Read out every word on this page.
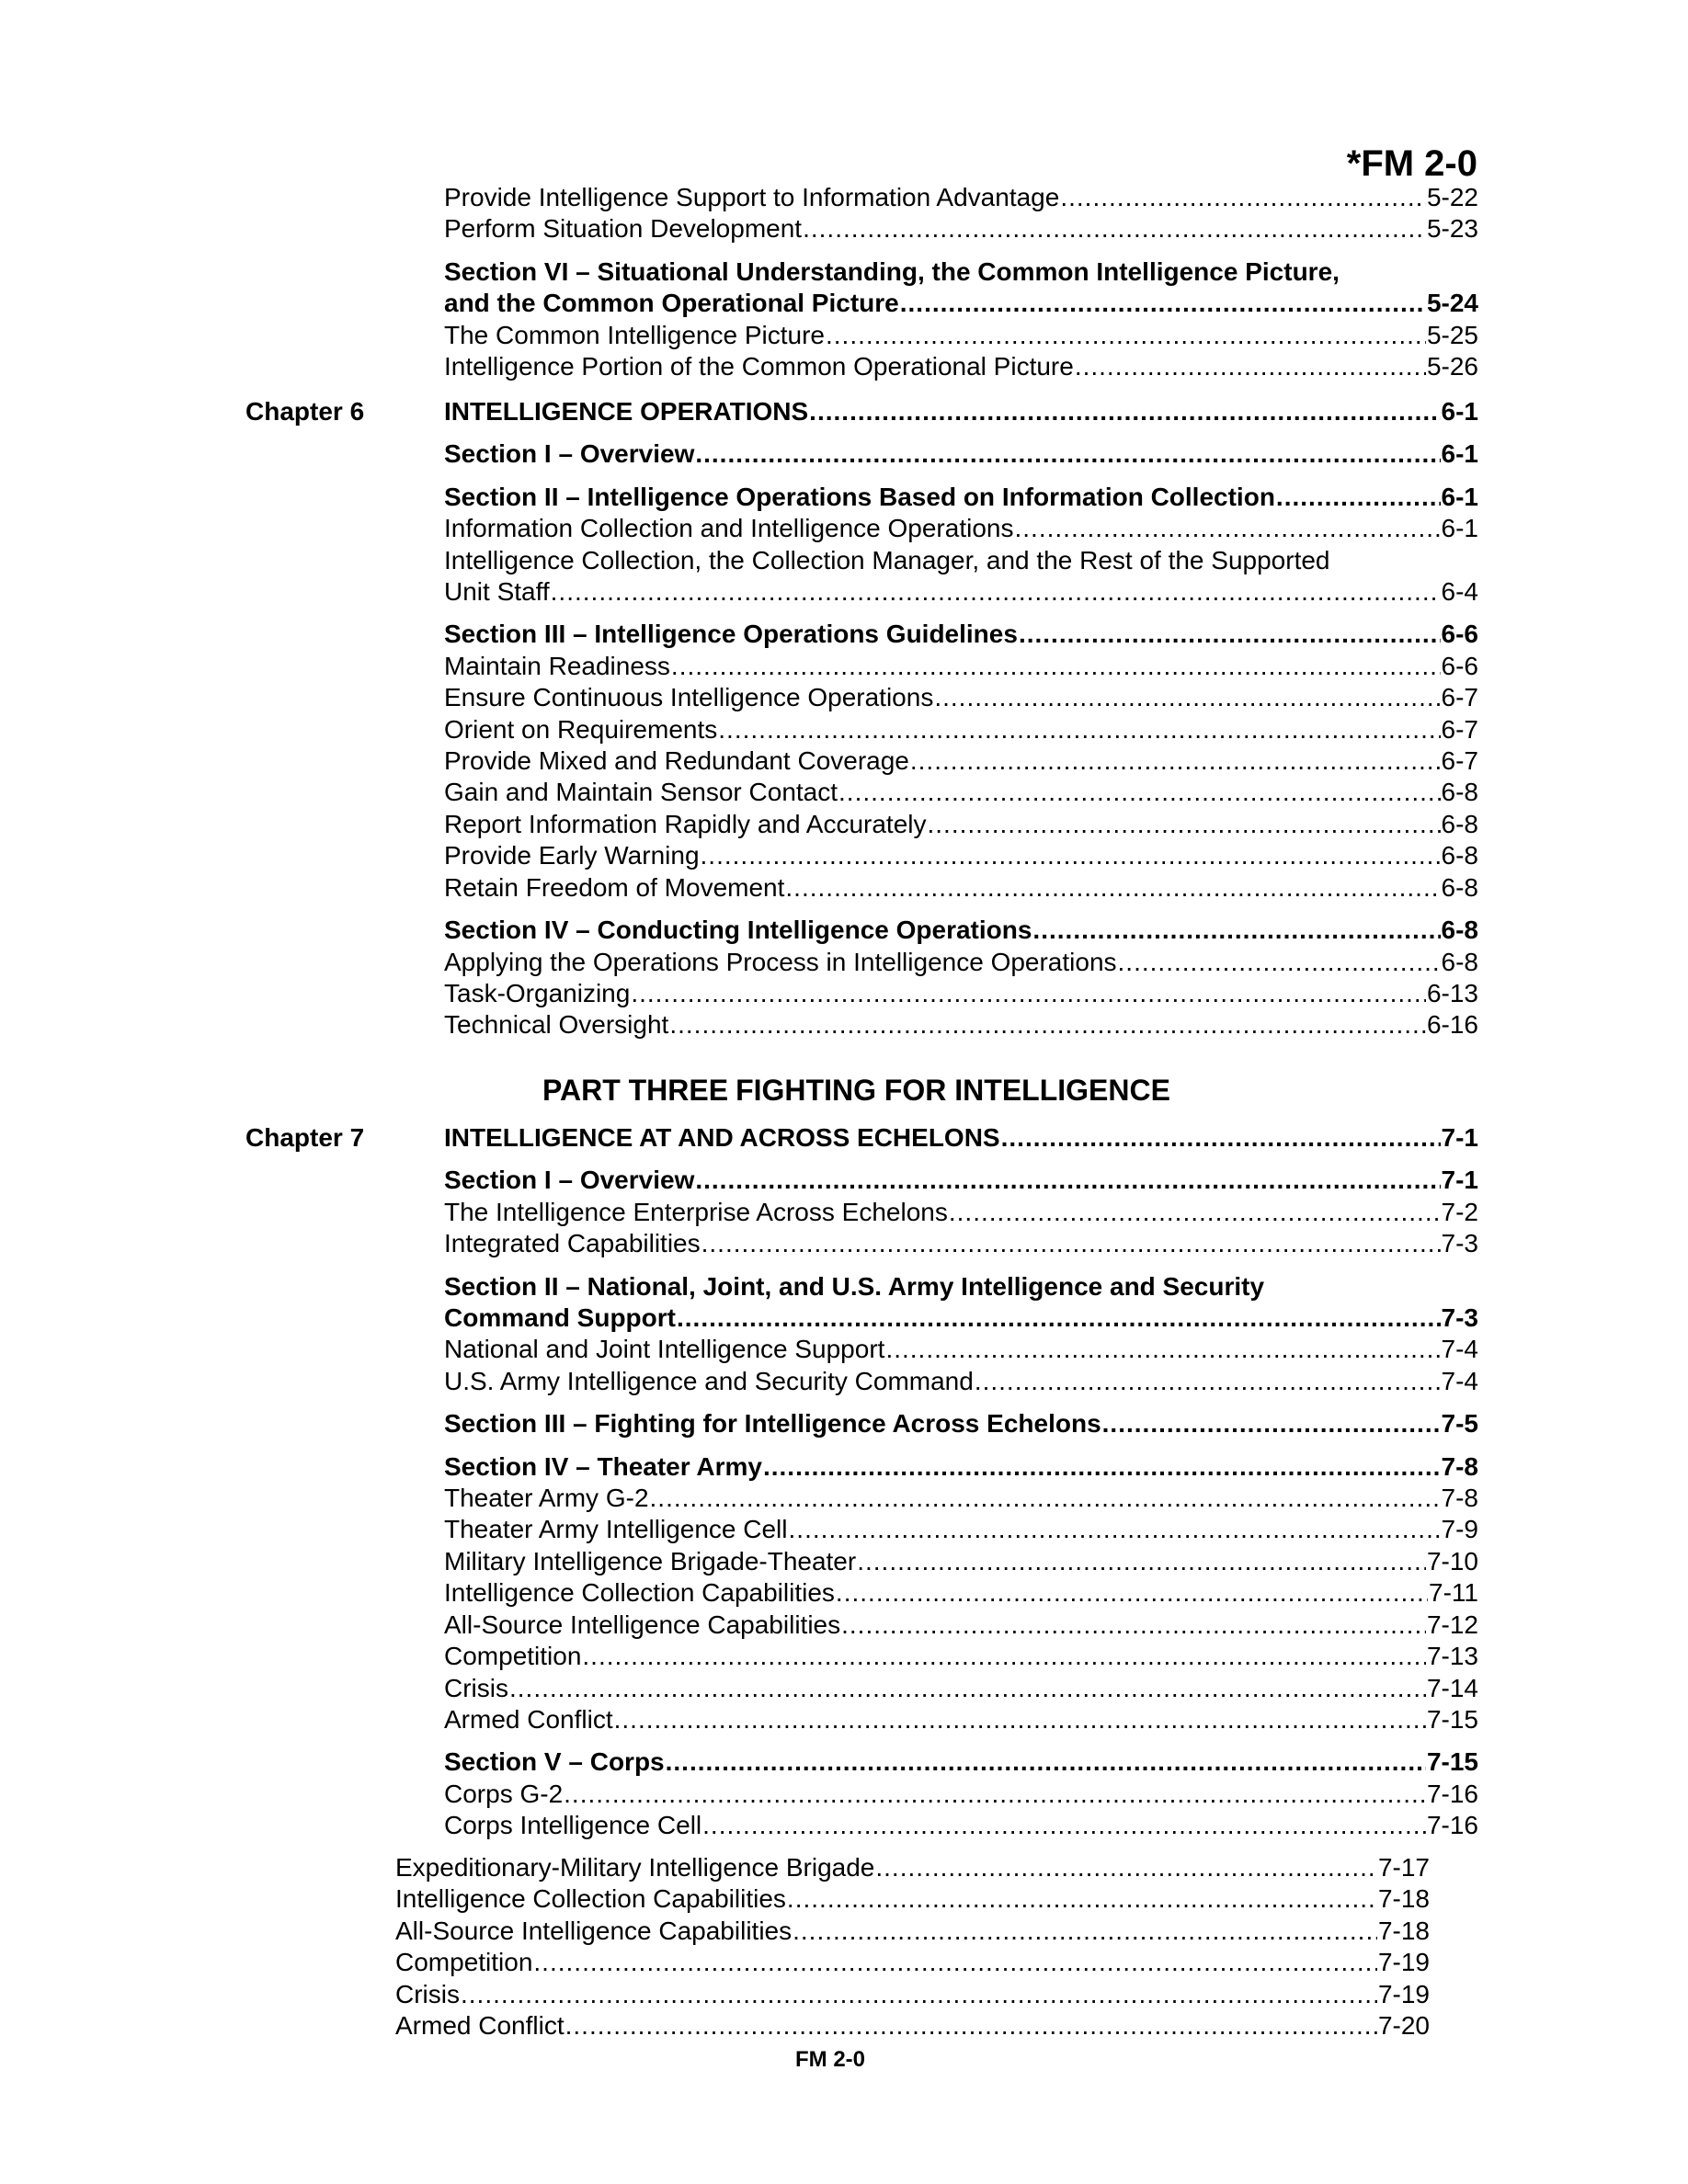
*FM 2-0
Provide Intelligence Support to Information Advantage .....	5-22
Perform Situation Development .....	5-23
Section VI – Situational Understanding, the Common Intelligence Picture,
and the Common Operational Picture .....	5-24
The Common Intelligence Picture .....	5-25
Intelligence Portion of the Common Operational Picture .....	5-26
Chapter 6	INTELLIGENCE OPERATIONS .....	6-1
Section I – Overview .....	6-1
Section II – Intelligence Operations Based on Information Collection .....	6-1
Information Collection and Intelligence Operations .....	6-1
Intelligence Collection, the Collection Manager, and the Rest of the Supported
Unit Staff .....	6-4
Section III – Intelligence Operations Guidelines .....	6-6
Maintain Readiness .....	6-6
Ensure Continuous Intelligence Operations .....	6-7
Orient on Requirements .....	6-7
Provide Mixed and Redundant Coverage .....	6-7
Gain and Maintain Sensor Contact .....	6-8
Report Information Rapidly and Accurately .....	6-8
Provide Early Warning .....	6-8
Retain Freedom of Movement .....	6-8
Section IV – Conducting Intelligence Operations .....	6-8
Applying the Operations Process in Intelligence Operations .....	6-8
Task-Organizing .....	6-13
Technical Oversight .....	6-16
PART THREE FIGHTING FOR INTELLIGENCE
Chapter 7	INTELLIGENCE AT AND ACROSS ECHELONS .....	7-1
Section I – Overview .....	7-1
The Intelligence Enterprise Across Echelons .....	7-2
Integrated Capabilities .....	7-3
Section II – National, Joint, and U.S. Army Intelligence and Security
Command Support .....	7-3
National and Joint Intelligence Support .....	7-4
U.S. Army Intelligence and Security Command .....	7-4
Section III – Fighting for Intelligence Across Echelons .....	7-5
Section IV – Theater Army .....	7-8
Theater Army G-2 .....	7-8
Theater Army Intelligence Cell .....	7-9
Military Intelligence Brigade-Theater .....	7-10
Intelligence Collection Capabilities .....	7-11
All-Source Intelligence Capabilities .....	7-12
Competition .....	7-13
Crisis .....	7-14
Armed Conflict .....	7-15
Section V – Corps .....	7-15
Corps G-2 .....	7-16
Corps Intelligence Cell .....	7-16
Expeditionary-Military Intelligence Brigade .....	7-17
Intelligence Collection Capabilities .....	7-18
All-Source Intelligence Capabilities .....	7-18
Competition .....	7-19
Crisis .....	7-19
Armed Conflict .....	7-20
FM 2-0
